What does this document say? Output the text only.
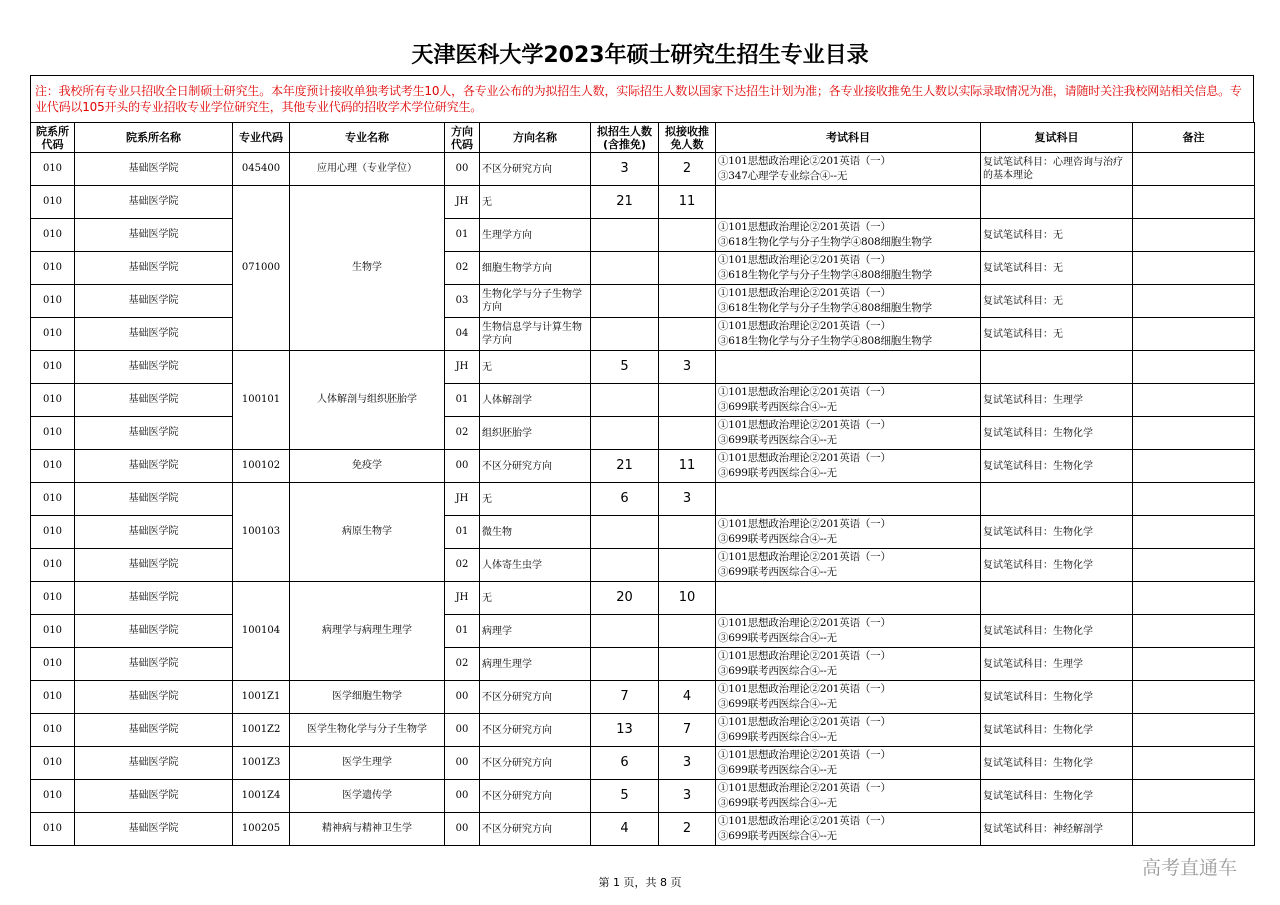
天津医科大学2023年硕士研究生招生专业目录
注：我校所有专业只招收全日制硕士研究生。本年度预计接收单独考试考生10人，各专业公布的为拟招生人数，实际招生人数以国家下达招生计划为准；各专业接收推免生人数以实际录取情况为准，请随时关注我校网站相关信息。专业代码以105开头的专业招收专业学位研究生，其他专业代码的招收学术学位研究生。
院系所代码	院系所名称	专业代码	专业名称	方向代码	方向名称	拟招生人数(含推免)	拟接收推免人数	考试科目	复试科目	备注
010	基础医学院	045400	应用心理（专业学位）	00	不区分研究方向	3	2	①101思想政治理论②201英语（一）
③347心理学专业综合④--无	复试笔试科目：心理咨询与治疗的基本理论	
010	基础医学院	071000	生物学	JH	无	21	11	

010	基础医学院			01	生理学方向			①101思想政治理论②201英语（一）
③618生物化学与分子生物学④808细胞生物学	复试笔试科目：无	
010	基础医学院			02	细胞生物学方向			①101思想政治理论②201英语（一）
③618生物化学与分子生物学④808细胞生物学	复试笔试科目：无	
010	基础医学院			03	生物化学与分子生物学方向			①101思想政治理论②201英语（一）
③618生物化学与分子生物学④808细胞生物学	复试笔试科目：无	
010	基础医学院			04	生物信息学与计算生物学方向			①101思想政治理论②201英语（一）
③618生物化学与分子生物学④808细胞生物学	复试笔试科目：无	
010	基础医学院	100101	人体解剖与组织胚胎学	JH	无	5	3	

010	基础医学院			01	人体解剖学			①101思想政治理论②201英语（一）
③699联考西医综合④--无	复试笔试科目：生理学	
010	基础医学院			02	组织胚胎学			①101思想政治理论②201英语（一）
③699联考西医综合④--无	复试笔试科目：生物化学	
010	基础医学院	100102	免疫学	00	不区分研究方向	21	11	①101思想政治理论②201英语（一）
③699联考西医综合④--无	复试笔试科目：生物化学	
010	基础医学院	100103	病原生物学	JH	无	6	3	

010	基础医学院			01	微生物			①101思想政治理论②201英语（一）
③699联考西医综合④--无	复试笔试科目：生物化学	
010	基础医学院			02	人体寄生虫学			①101思想政治理论②201英语（一）
③699联考西医综合④--无	复试笔试科目：生物化学	
010	基础医学院	100104	病理学与病理生理学	JH	无	20	10	

010	基础医学院			01	病理学			①101思想政治理论②201英语（一）
③699联考西医综合④--无	复试笔试科目：生物化学	
010	基础医学院			02	病理生理学			①101思想政治理论②201英语（一）
③699联考西医综合④--无	复试笔试科目：生理学	
010	基础医学院	1001Z1	医学细胞生物学	00	不区分研究方向	7	4	①101思想政治理论②201英语（一）
③699联考西医综合④--无	复试笔试科目：生物化学	
010	基础医学院	1001Z2	医学生物化学与分子生物学	00	不区分研究方向	13	7	①101思想政治理论②201英语（一）
③699联考西医综合④--无	复试笔试科目：生物化学	
010	基础医学院	1001Z3	医学生理学	00	不区分研究方向	6	3	①101思想政治理论②201英语（一）
③699联考西医综合④--无	复试笔试科目：生物化学	
010	基础医学院	1001Z4	医学遗传学	00	不区分研究方向	5	3	①101思想政治理论②201英语（一）
③699联考西医综合④--无	复试笔试科目：生物化学	
010	基础医学院	100205	精神病与精神卫生学	00	不区分研究方向	4	2	①101思想政治理论②201英语（一）
③699联考西医综合④--无	复试笔试科目：神经解剖学	
第 1 页，共 8 页
高考直通车
